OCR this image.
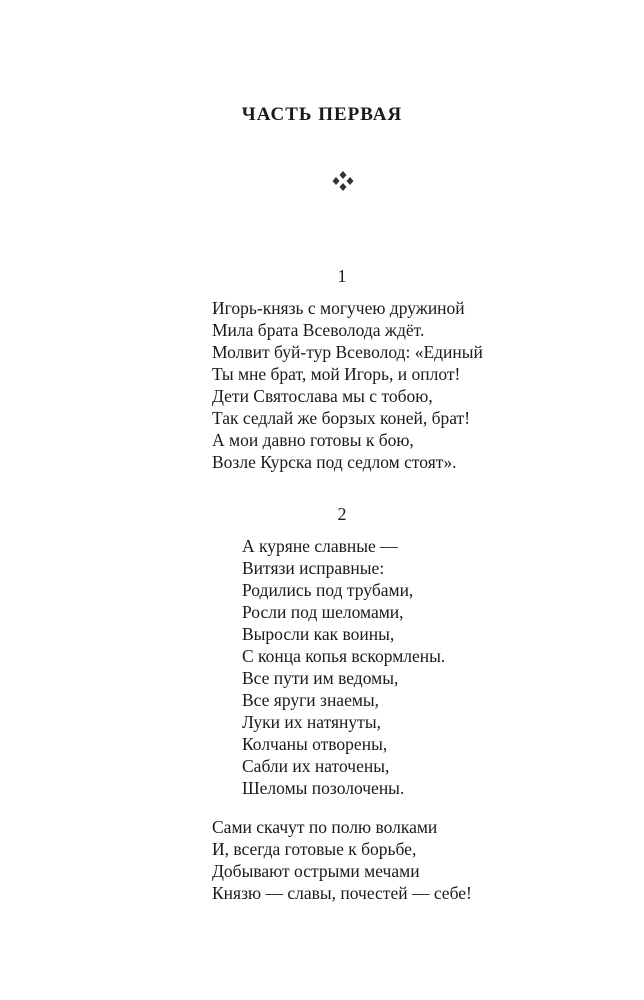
ЧАСТЬ ПЕРВАЯ
1
Игорь-князь с могучею дружиной
Мила брата Всеволода ждёт.
Молвит буй-тур Всеволод: «Единый
Ты мне брат, мой Игорь, и оплот!
Дети Святослава мы с тобою,
Так седлай же борзых коней, брат!
А мои давно готовы к бою,
Возле Курска под седлом стоят».
2
А куряне славные —
Витязи исправные:
Родились под трубами,
Росли под шеломами,
Выросли как воины,
С конца копья вскормлены.
Все пути им ведомы,
Все яруги знаемы,
Луки их натянуты,
Колчаны отворены,
Сабли их наточены,
Шеломы позолочены.
Сами скачут по полю волками
И, всегда готовые к борьбе,
Добывают острыми мечами
Князю — славы, почестей — себе!
